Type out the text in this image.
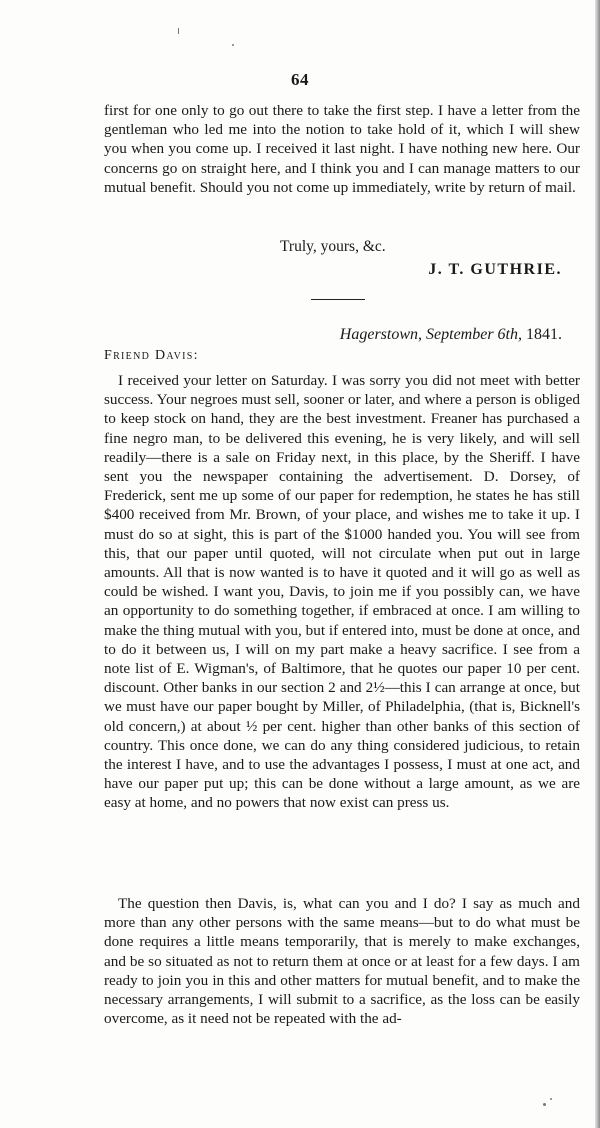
64

first for one only to go out there to take the first step. I have a letter from the gentleman who led me into the notion to take hold of it, which I will shew you when you come up. I received it last night. I have nothing new here. Our concerns go on straight here, and I think you and I can manage matters to our mutual benefit. Should you not come up immediately, write by return of mail.

Truly, yours, &c.
J. T. GUTHRIE.
Hagerstown, September 6th, 1841.
Friend Davis:

I received your letter on Saturday. I was sorry you did not meet with better success. Your negroes must sell, sooner or later, and where a person is obliged to keep stock on hand, they are the best investment. Freaner has purchased a fine negro man, to be delivered this evening, he is very likely, and will sell readily—there is a sale on Friday next, in this place, by the Sheriff. I have sent you the newspaper containing the advertisement. D. Dorsey, of Frederick, sent me up some of our paper for redemption, he states he has still $400 received from Mr. Brown, of your place, and wishes me to take it up. I must do so at sight, this is part of the $1000 handed you. You will see from this, that our paper until quoted, will not circulate when put out in large amounts. All that is now wanted is to have it quoted and it will go as well as could be wished. I want you, Davis, to join me if you possibly can, we have an opportunity to do something together, if embraced at once. I am willing to make the thing mutual with you, but if entered into, must be done at once, and to do it between us, I will on my part make a heavy sacrifice. I see from a note list of E. Wigman's, of Baltimore, that he quotes our paper 10 per cent. discount. Other banks in our section 2 and 2½—this I can arrange at once, but we must have our paper bought by Miller, of Philadelphia, (that is, Bicknell's old concern,) at about ½ per cent. higher than other banks of this section of country. This once done, we can do any thing considered judicious, to retain the interest I have, and to use the advantages I possess, I must at one act, and have our paper put up; this can be done without a large amount, as we are easy at home, and no powers that now exist can press us.

The question then Davis, is, what can you and I do? I say as much and more than any other persons with the same means—but to do what must be done requires a little means temporarily, that is merely to make exchanges, and be so situated as not to return them at once or at least for a few days. I am ready to join you in this and other matters for mutual benefit, and to make the necessary arrangements, I will submit to a sacrifice, as the loss can be easily overcome, as it need not be repeated with the ad-
